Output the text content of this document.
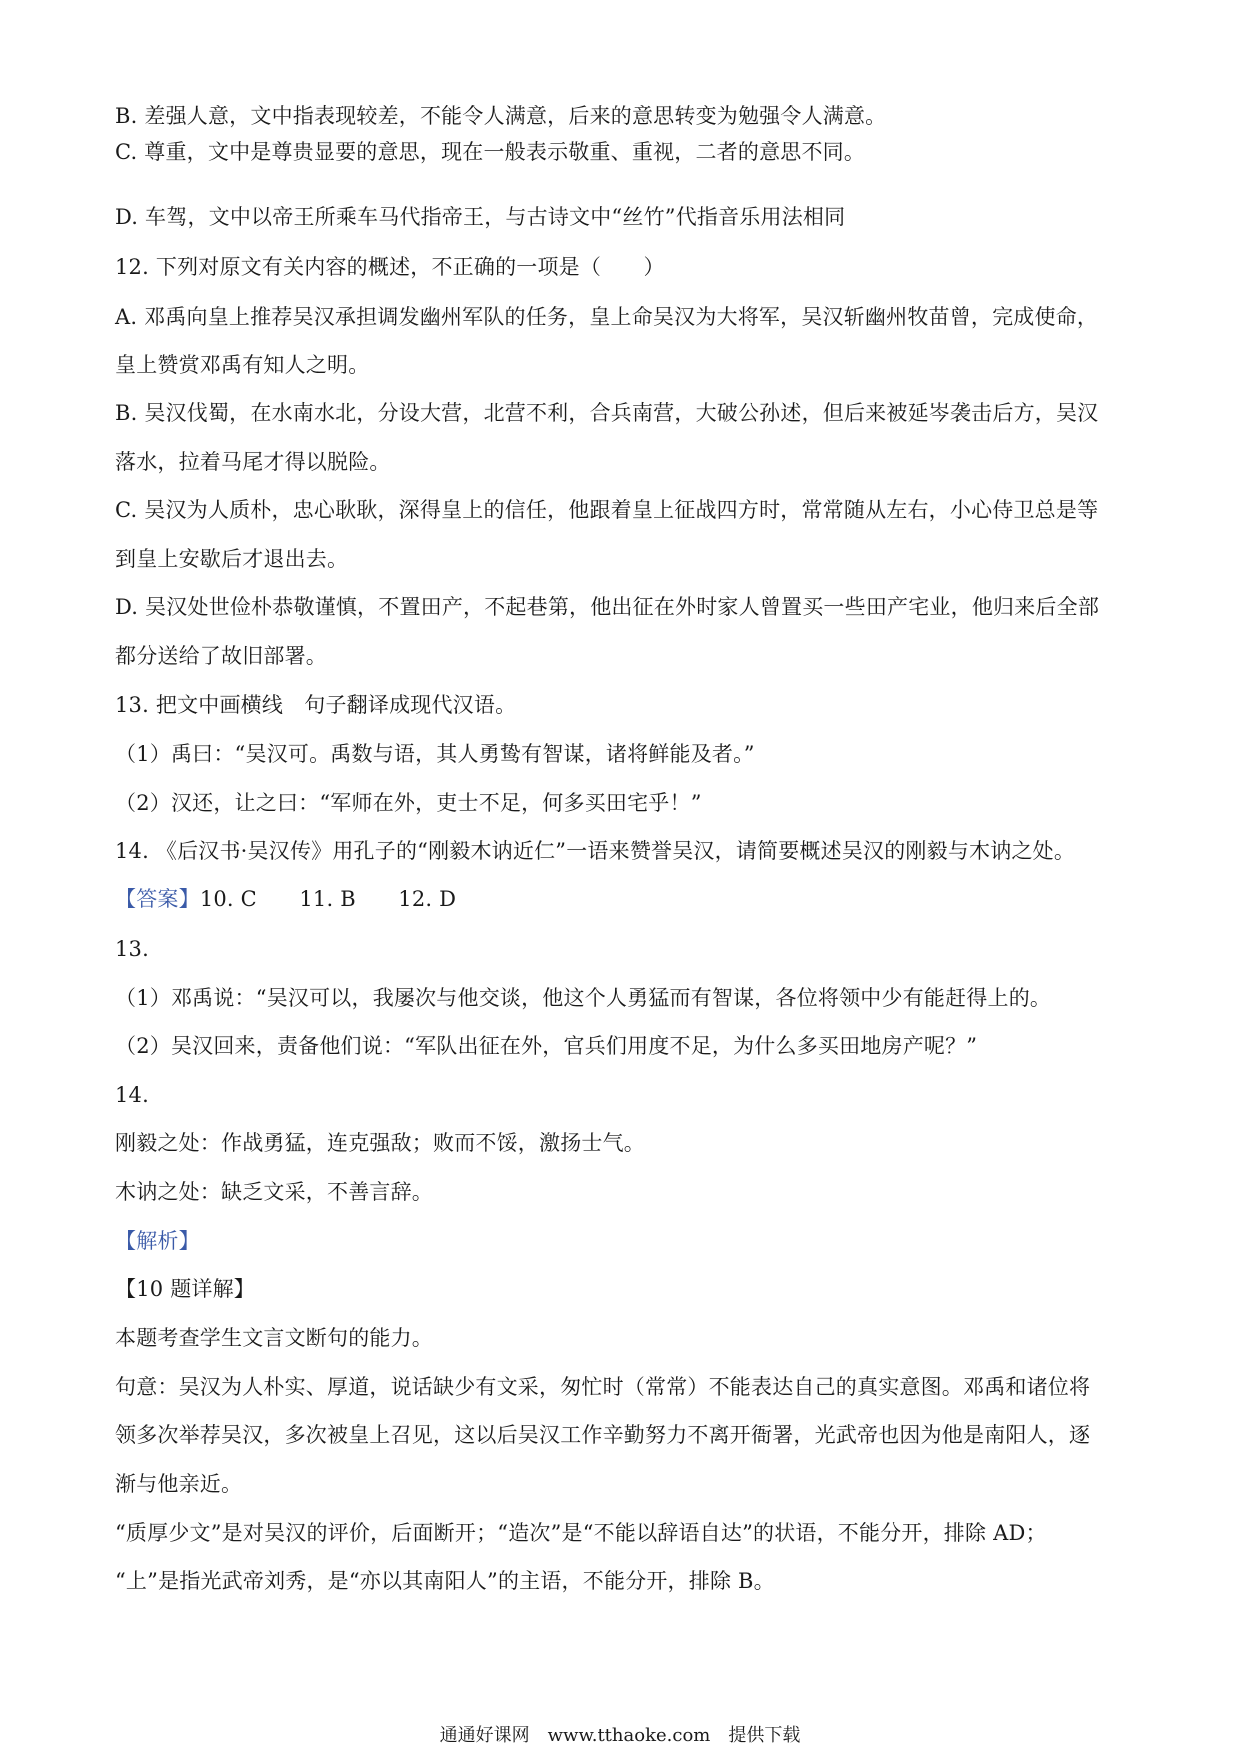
B. 差强人意，文中指表现较差，不能令人满意，后来的意思转变为勉强令人满意。
C. 尊重，文中是尊贵显要的意思，现在一般表示敬重、重视，二者的意思不同。
D. 车驾，文中以帝王所乘车马代指帝王，与古诗文中“丝竹”代指音乐用法相同
12. 下列对原文有关内容的概述，不正确的一项是（　　）
A. 邓禹向皇上推荐吴汉承担调发幽州军队的任务，皇上命吴汉为大将军，吴汉斩幽州牧苗曾，完成使命，
皇上赞赏邓禹有知人之明。
B. 吴汉伐蜀，在水南水北，分设大营，北营不利，合兵南营，大破公孙述，但后来被延岑袭击后方，吴汉
落水，拉着马尾才得以脱险。
C. 吴汉为人质朴，忠心耿耿，深得皇上的信任，他跟着皇上征战四方时，常常随从左右，小心侍卫总是等
到皇上安歇后才退出去。
D. 吴汉处世俭朴恭敬谨慎，不置田产，不起巷第，他出征在外时家人曾置买一些田产宅业，他归来后全部
都分送给了故旧部署。
13. 把文中画横线　句子翻译成现代汉语。
（1）禹曰：“吴汉可。禹数与语，其人勇鸷有智谋，诸将鲜能及者。”
（2）汉还，让之曰：“军师在外，吏士不足，何多买田宅乎！”
14. 《后汉书·吴汉传》用孔子的“刚毅木讷近仁”一语来赞誉吴汉，请简要概述吴汉的刚毅与木讷之处。
【答案】10. C　　11. B　　12. D
13.
（1）邓禹说：“吴汉可以，我屡次与他交谈，他这个人勇猛而有智谋，各位将领中少有能赶得上的。
（2）吴汉回来，责备他们说：“军队出征在外，官兵们用度不足，为什么多买田地房产呢？”
14.
刚毅之处：作战勇猛，连克强敌；败而不馁，激扬士气。
木讷之处：缺乏文采，不善言辞。
【解析】
【10 题详解】
本题考查学生文言文断句的能力。
句意：吴汉为人朴实、厚道，说话缺少有文采，匆忙时（常常）不能表达自己的真实意图。邓禹和诸位将
领多次举荐吴汉，多次被皇上召见，这以后吴汉工作辛勤努力不离开衙署，光武帝也因为他是南阳人，逐
渐与他亲近。
“质厚少文”是对吴汉的评价，后面断开；“造次”是“不能以辞语自达”的状语，不能分开，排除 AD；
“上”是指光武帝刘秀，是“亦以其南阳人”的主语，不能分开，排除 B。
通通好课网　www.tthaoke.com　提供下载
